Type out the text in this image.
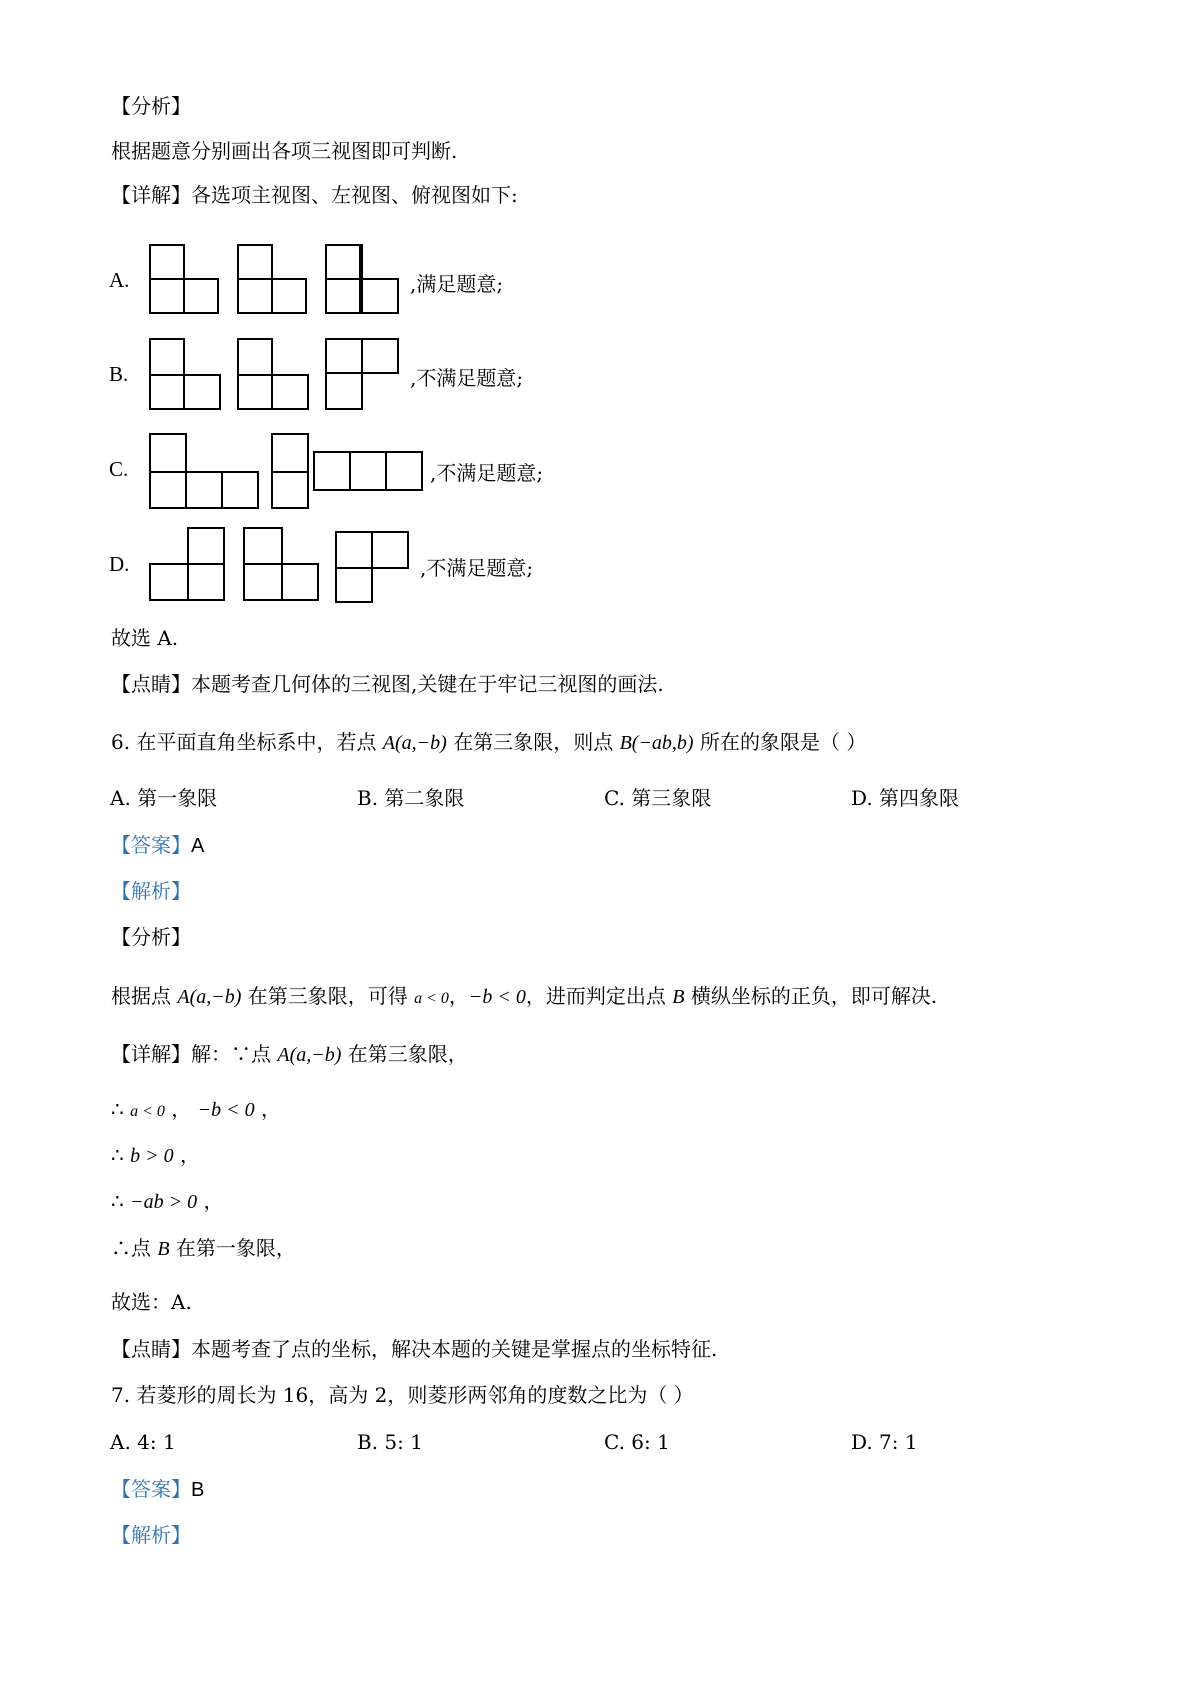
【分析】
根据题意分别画出各项三视图即可判断.
【详解】各选项主视图、左视图、俯视图如下:
A.	,满足题意;
B.	,不满足题意;
C.	,不满足题意;
D.	,不满足题意;
故选 A.
【点睛】本题考查几何体的三视图,关键在于牢记三视图的画法.
6. 在平面直角坐标系中，若点 A(a,−b) 在第三象限，则点 B(−ab,b) 所在的象限是（ ）
A. 第一象限	B. 第二象限	C. 第三象限	D. 第四象限
【答案】A
【解析】
【分析】
根据点 A(a,−b) 在第三象限，可得 a < 0，−b < 0，进而判定出点 B 横纵坐标的正负，即可解决.
【详解】解：∵点 A(a,−b) 在第三象限，
∴ a < 0 ， −b < 0 ，
∴ b > 0 ，
∴ −ab > 0 ，
∴点 B 在第一象限，
故选：A.
【点睛】本题考查了点的坐标，解决本题的关键是掌握点的坐标特征.
7. 若菱形的周长为 16，高为 2，则菱形两邻角的度数之比为（ ）
A. 4: 1	B. 5: 1	C. 6: 1	D. 7: 1
【答案】B
【解析】
